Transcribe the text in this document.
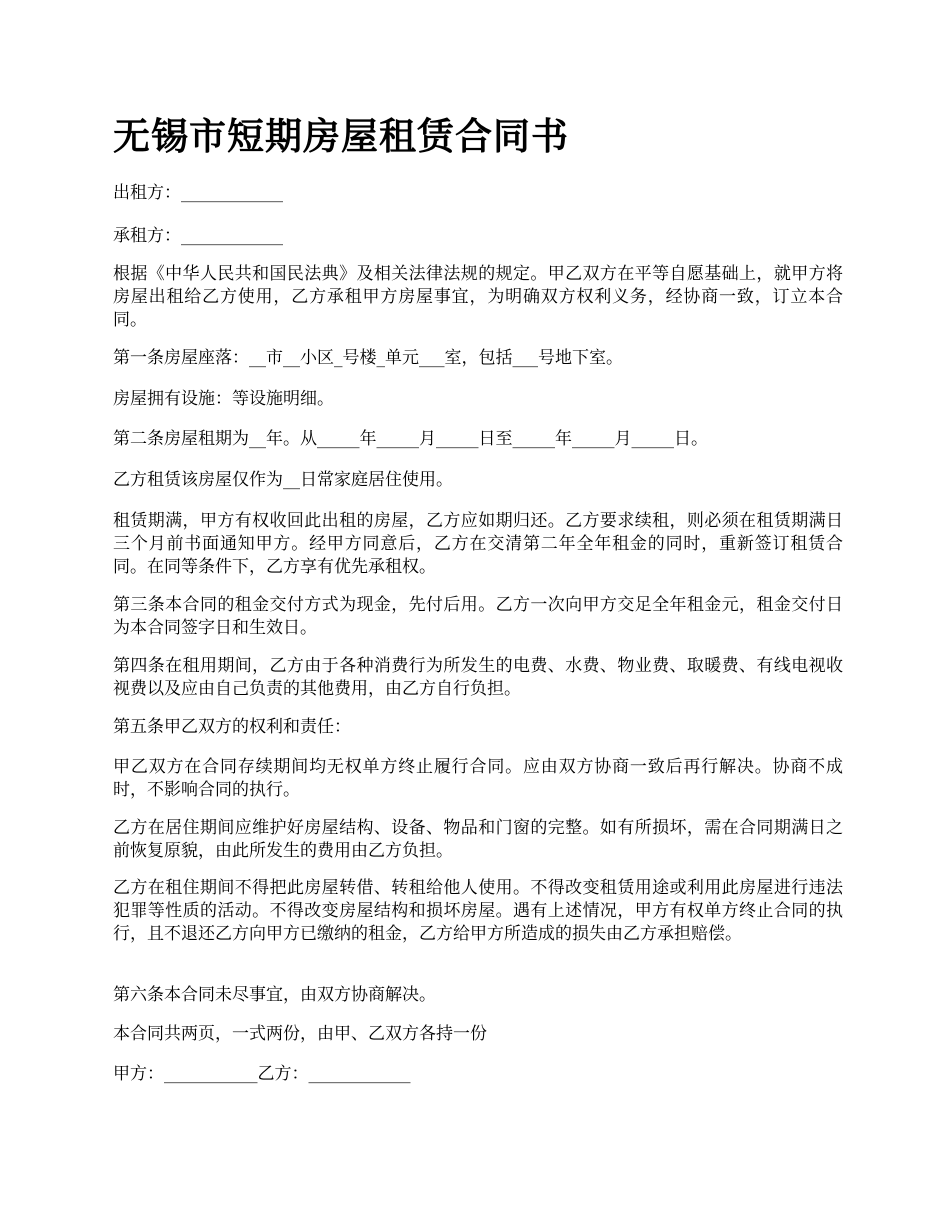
无锡市短期房屋租赁合同书

出租方：____________

承租方：____________

根据《中华人民共和国民法典》及相关法律法规的规定。甲乙双方在平等自愿基础上，就甲方将房屋出租给乙方使用，乙方承租甲方房屋事宜，为明确双方权利义务，经协商一致，订立本合同。

第一条房屋座落：__市__小区_号楼_单元___室，包括___号地下室。

房屋拥有设施：等设施明细。

第二条房屋租期为__年。从_____年_____月_____日至_____年_____月_____日。

乙方租赁该房屋仅作为__日常家庭居住使用。

租赁期满，甲方有权收回此出租的房屋，乙方应如期归还。乙方要求续租，则必须在租赁期满日三个月前书面通知甲方。经甲方同意后，乙方在交清第二年全年租金的同时，重新签订租赁合同。在同等条件下，乙方享有优先承租权。

第三条本合同的租金交付方式为现金，先付后用。乙方一次向甲方交足全年租金元，租金交付日为本合同签字日和生效日。

第四条在租用期间，乙方由于各种消费行为所发生的电费、水费、物业费、取暖费、有线电视收视费以及应由自己负责的其他费用，由乙方自行负担。

第五条甲乙双方的权利和责任：

甲乙双方在合同存续期间均无权单方终止履行合同。应由双方协商一致后再行解决。协商不成时，不影响合同的执行。

乙方在居住期间应维护好房屋结构、设备、物品和门窗的完整。如有所损坏，需在合同期满日之前恢复原貌，由此所发生的费用由乙方负担。

乙方在租住期间不得把此房屋转借、转租给他人使用。不得改变租赁用途或利用此房屋进行违法犯罪等性质的活动。不得改变房屋结构和损坏房屋。遇有上述情况，甲方有权单方终止合同的执行，且不退还乙方向甲方已缴纳的租金，乙方给甲方所造成的损失由乙方承担赔偿。

第六条本合同未尽事宜，由双方协商解决。

本合同共两页，一式两份，由甲、乙双方各持一份

甲方：___________乙方：____________
